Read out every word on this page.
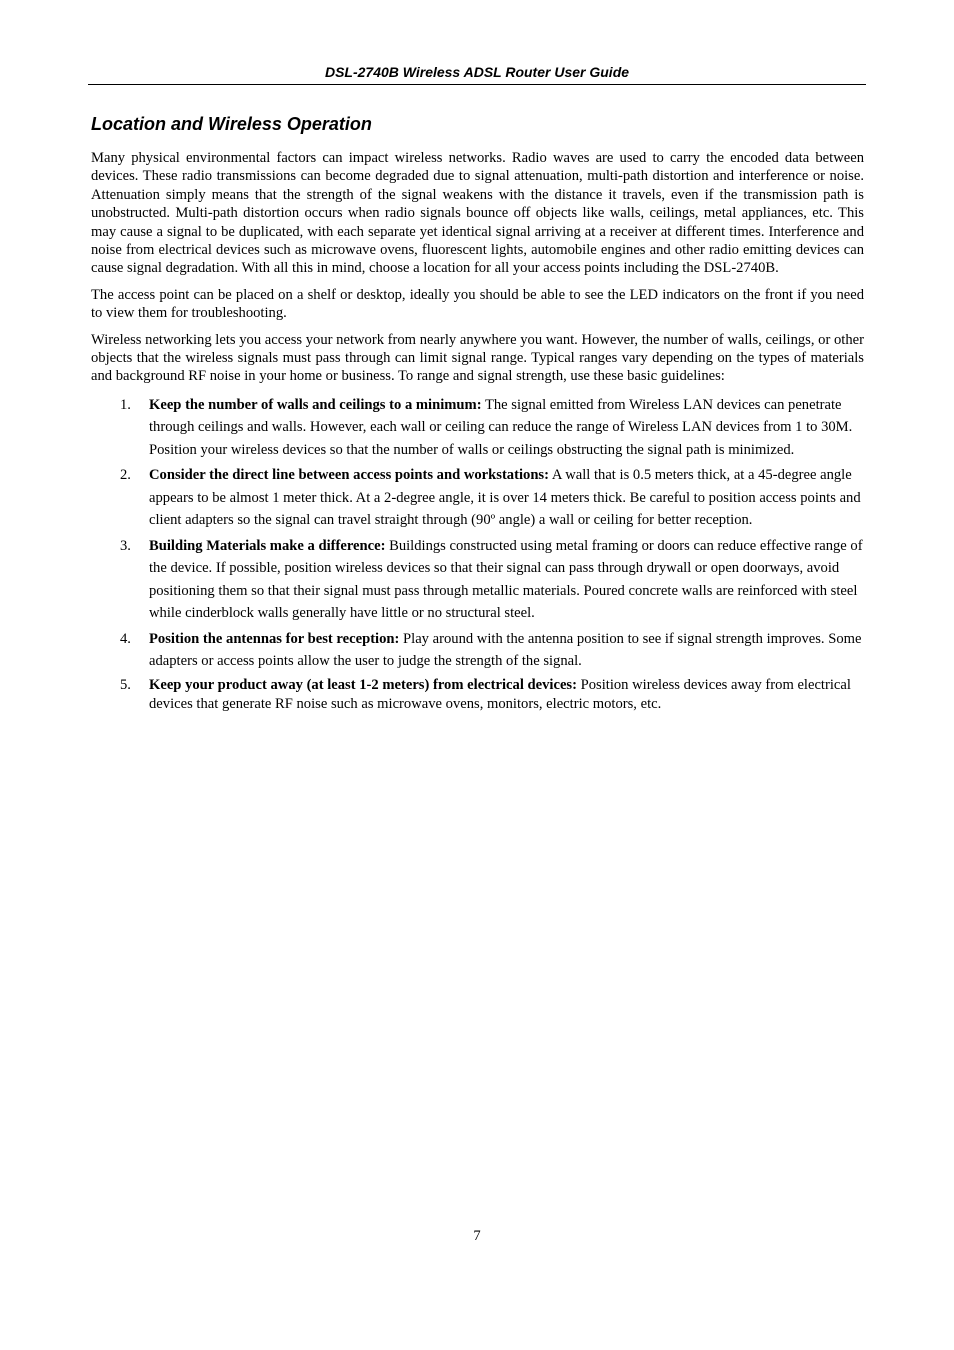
DSL-2740B Wireless ADSL Router User Guide
Location and Wireless Operation

Many physical environmental factors can impact wireless networks. Radio waves are used to carry the encoded data between devices. These radio transmissions can become degraded due to signal attenuation, multi-path distortion and interference or noise. Attenuation simply means that the strength of the signal weakens with the distance it travels, even if the transmission path is unobstructed. Multi-path distortion occurs when radio signals bounce off objects like walls, ceilings, metal appliances, etc. This may cause a signal to be duplicated, with each separate yet identical signal arriving at a receiver at different times. Interference and noise from electrical devices such as microwave ovens, fluorescent lights, automobile engines and other radio emitting devices can cause signal degradation. With all this in mind, choose a location for all your access points including the DSL-2740B.

The access point can be placed on a shelf or desktop, ideally you should be able to see the LED indicators on the front if you need to view them for troubleshooting.

Wireless networking lets you access your network from nearly anywhere you want. However, the number of walls, ceilings, or other objects that the wireless signals must pass through can limit signal range. Typical ranges vary depending on the types of materials and background RF noise in your home or business. To range and signal strength, use these basic guidelines:

1. Keep the number of walls and ceilings to a minimum: The signal emitted from Wireless LAN devices can penetrate through ceilings and walls. However, each wall or ceiling can reduce the range of Wireless LAN devices from 1 to 30M. Position your wireless devices so that the number of walls or ceilings obstructing the signal path is minimized.
2. Consider the direct line between access points and workstations: A wall that is 0.5 meters thick, at a 45-degree angle appears to be almost 1 meter thick. At a 2-degree angle, it is over 14 meters thick. Be careful to position access points and client adapters so the signal can travel straight through (90º angle) a wall or ceiling for better reception.
3. Building Materials make a difference: Buildings constructed using metal framing or doors can reduce effective range of the device. If possible, position wireless devices so that their signal can pass through drywall or open doorways, avoid positioning them so that their signal must pass through metallic materials. Poured concrete walls are reinforced with steel while cinderblock walls generally have little or no structural steel.
4. Position the antennas for best reception: Play around with the antenna position to see if signal strength improves. Some adapters or access points allow the user to judge the strength of the signal.
5. Keep your product away (at least 1-2 meters) from electrical devices: Position wireless devices away from electrical devices that generate RF noise such as microwave ovens, monitors, electric motors, etc.
7
